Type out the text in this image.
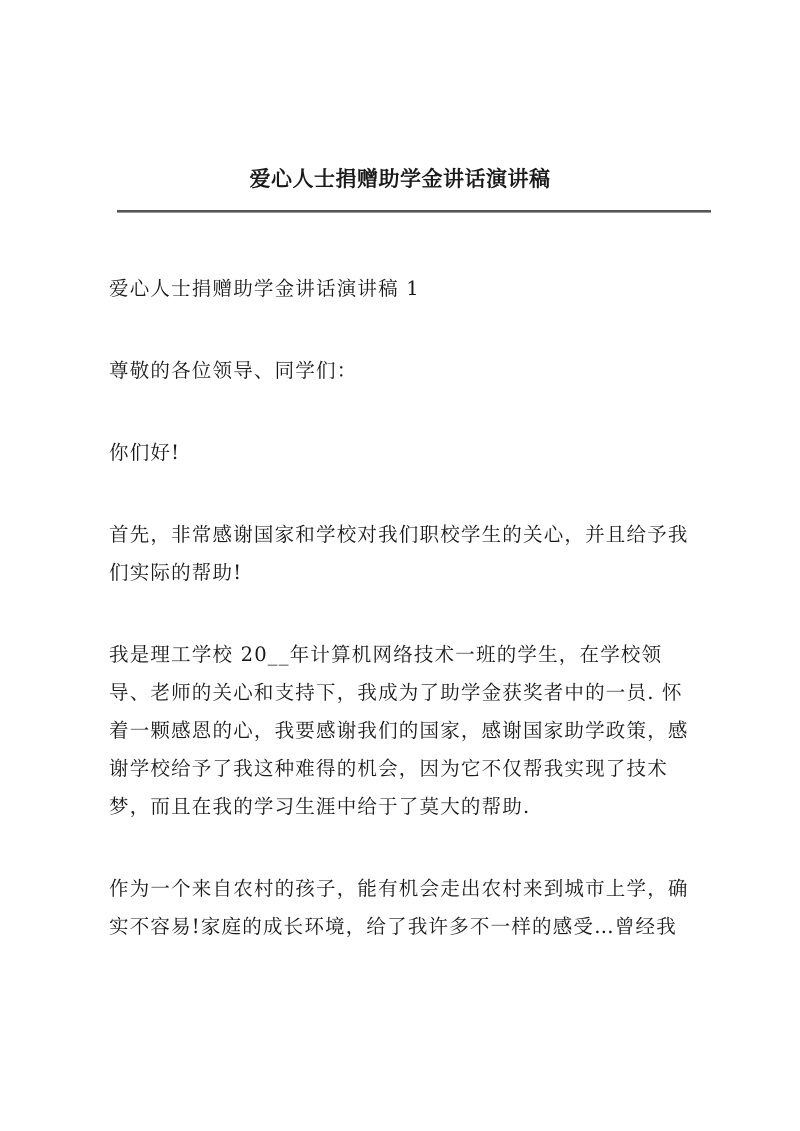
爱心人士捐赠助学金讲话演讲稿

爱心人士捐赠助学金讲话演讲稿 1

尊敬的各位领导、同学们：

你们好!

首先，非常感谢国家和学校对我们职校学生的关心，并且给予我
们实际的帮助!

我是理工学校 20__年计算机网络技术一班的学生，在学校领
导、老师的关心和支持下，我成为了助学金获奖者中的一员. 怀
着一颗感恩的心，我要感谢我们的国家，感谢国家助学政策，感
谢学校给予了我这种难得的机会，因为它不仅帮我实现了技术
梦，而且在我的学习生涯中给于了莫大的帮助.

作为一个来自农村的孩子，能有机会走出农村来到城市上学，确
实不容易!家庭的成长环境，给了我许多不一样的感受…曾经我
